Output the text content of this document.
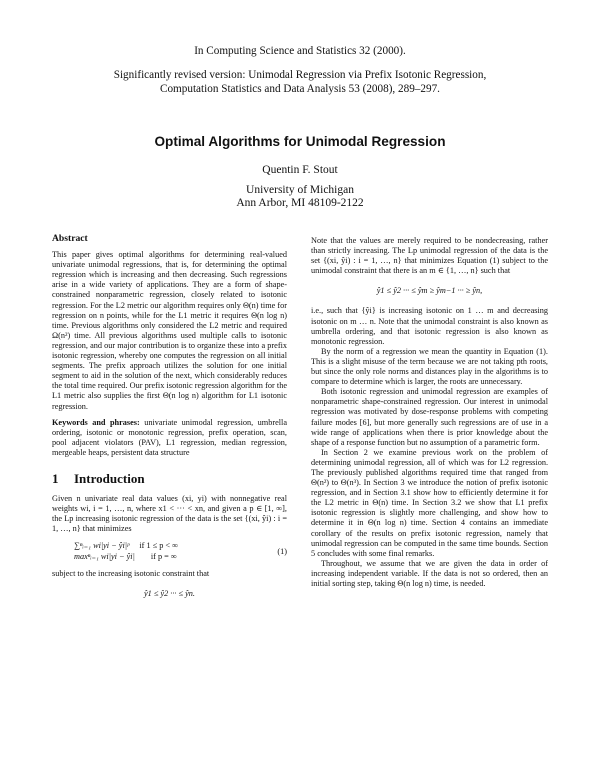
In Computing Science and Statistics 32 (2000).
Significantly revised version: Unimodal Regression via Prefix Isotonic Regression,
Computation Statistics and Data Analysis 53 (2008), 289–297.
Optimal Algorithms for Unimodal Regression
Quentin F. Stout
University of Michigan
Ann Arbor, MI 48109-2122

Abstract

This paper gives optimal algorithms for determining real-valued univariate unimodal regressions, that is, for determining the optimal regression which is increasing and then decreasing. Such regressions arise in a wide variety of applications. They are a form of shape-constrained nonparametric regression, closely related to isotonic regression. For the L2 metric our algorithm requires only Θ(n) time for regression on n points, while for the L1 metric it requires Θ(n log n) time. Previous algorithms only considered the L2 metric and required Ω(n²) time. All previous algorithms used multiple calls to isotonic regression, and our major contribution is to organize these into a prefix isotonic regression, whereby one computes the regression on all initial segments. The prefix approach utilizes the solution for one initial segment to aid in the solution of the next, which considerably reduces the total time required. Our prefix isotonic regression algorithm for the L1 metric also supplies the first Θ(n log n) algorithm for L1 isotonic regression.

Keywords and phrases: univariate unimodal regression, umbrella ordering, isotonic or monotonic regression, prefix operation, scan, pool adjacent violators (PAV), L1 regression, median regression, mergeable heaps, persistent data structure

1 Introduction

Given n univariate real data values (xi, yi) with nonnegative real weights wi, i = 1, …, n, where x1 < ··· < xn, and given a p ∈ [1, ∞], the Lp increasing isotonic regression of the data is the set {(xi, ŷi) : i = 1, …, n} that minimizes

∑ⁿᵢ₌₁ wi|yi − ŷi|ᵖ if 1 ≤ p < ∞
maxⁿᵢ₌₁ wi|yi − ŷi| if p = ∞
(1)

subject to the increasing isotonic constraint that

ŷ1 ≤ ŷ2 ··· ≤ ŷn.

Note that the values are merely required to be nondecreasing, rather than strictly increasing. The Lp unimodal regression of the data is the set {(xi, ŷi) : i = 1, …, n} that minimizes Equation (1) subject to the unimodal constraint that there is an m ∈ {1, …, n} such that

ŷ1 ≤ ŷ2 ··· ≤ ŷm ≥ ŷm−1 ··· ≥ ŷn,

i.e., such that {ŷi} is increasing isotonic on 1 … m and decreasing isotonic on m … n. Note that the unimodal constraint is also known as umbrella ordering, and that isotonic regression is also known as monotonic regression.

By the norm of a regression we mean the quantity in Equation (1). This is a slight misuse of the term because we are not taking pth roots, but since the only role norms and distances play in the algorithms is to compare to determine which is larger, the roots are unnecessary.

Both isotonic regression and unimodal regression are examples of nonparametric shape-constrained regression. Our interest in unimodal regression was motivated by dose-response problems with competing failure modes [6], but more generally such regressions are of use in a wide range of applications when there is prior knowledge about the shape of a response function but no assumption of a parametric form.

In Section 2 we examine previous work on the problem of determining unimodal regression, all of which was for L2 regression. The previously published algorithms required time that ranged from Θ(n²) to Θ(n³). In Section 3 we introduce the notion of prefix isotonic regression, and in Section 3.1 show how to efficiently determine it for the L2 metric in Θ(n) time. In Section 3.2 we show that L1 prefix isotonic regression is slightly more challenging, and show how to determine it in Θ(n log n) time. Section 4 contains an immediate corollary of the results on prefix isotonic regression, namely that unimodal regression can be computed in the same time bounds. Section 5 concludes with some final remarks.

Throughout, we assume that we are given the data in order of increasing independent variable. If the data is not so ordered, then an initial sorting step, taking Θ(n log n) time, is needed.
